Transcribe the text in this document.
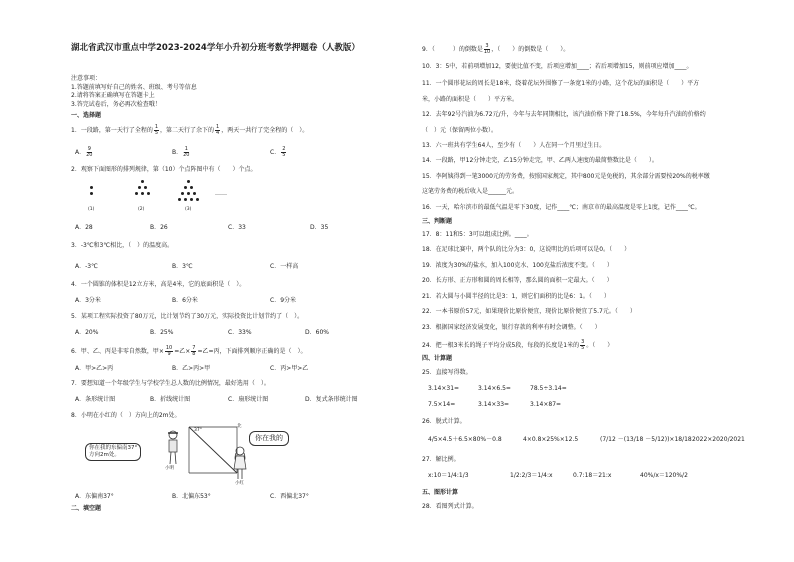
湖北省武汉市重点中学2023-2024学年小升初分班考数学押题卷（人教版）
注意事项：
1.答题前填写好自己的姓名、班级、考号等信息
2.请将答案正确填写在答题卡上
3.答完试卷后，务必再次检查哦！
一、选择题
1．一段路，第一天行了全程的 $\frac{1}{5}$ ，第二天行了余下的 $\frac{1}{4}$ ，两天一共行了完全程的（　）。
A． $\frac{9}{20}$	B． $\frac{1}{20}$	C． $\frac{2}{5}$
2．观察下面图形的排列规律，第（10）个点阵图中有（　　）个点。
(1)	(2)	(3)
……
A．28	B．26	C．33	D．35
3．-3℃和3℃相比，（　）的温度高。
A．-3℃	B．3℃	C．一样高
4．一个圆锥的体积是12立方米，高是4米，它的底面积是（　）。
A．3分米	B．6分米	C．9分米
5．某项工程实际投资了80万元，比计划节约了30万元，实际投资比计划节约了（　）。
A．20%	B．25%	C．33%	D．60%
6．甲、乙、丙是非零自然数，甲× $\frac{10}{9}$ =乙× $\frac{7}{8}$ =乙=丙，下面排列顺序正确的是（　）。
A．甲>乙>丙	B．乙>丙>甲	C．丙>甲>乙
7．要想知道一个年级学生与学校学生总人数的比例情况，最好选用（　）。
A．条形统计图	B．折线统计图	C．扇形统计图	D．复式条形统计图
8．小明在小红的（　）方向上的2m处。
你在我的东偏南37°
方向2m处。
小明
37°
北
小红
你在我的
A．东偏南37°	B．北偏东53°	C．西偏北37°
二、填空题
9．（　　　）的倒数是 $\frac{3}{10}$ ，（　　）的倒数是（　　）。
10．3：5中，若前项增加12，要使比值不变，后项应增加____；若后项增加15，则前项应增加____。
11．一个圆形花坛的周长是18米，绕着花坛外围修了一条宽1米的小路，这个花坛的面积是（　　）平方
米，小路的面积是（　　）平方米。
12．去年92号汽油为6.72元/升，今年与去年同期相比，该汽油价格下降了18.5%，今年每升汽油的价格约
（　）元（保留两位小数）。
13．六一班共有学生64人，至少有（　　）人在同一个月里过生日。
14．一段路，甲12分钟走完，乙15分钟走完，甲、乙两人速度的最简整数比是（　　）。
15．李阿姨得到一笔3000元的劳务费，按照国家规定，其中800元是免税的，其余部分需要按20%的税率缴
这笔劳务费的税后收入是______元。
16．一天，哈尔滨市的最低气温是零下30度，记作____℃；南京市的最高温度是零上1度，记作____℃。
三、判断题
17．8：11和5：3可以组成比例。____。
18．在足球比赛中，两个队的比分为3：0，这说明比的后项可以是0。（　　）
19．浓度为30%的盐水，加入100克水、100克盐后浓度不变。（　　）
20．长方形、正方形和圆的周长相等，那么圆的面积一定最大。（　　）
21．若大圆与小圆半径的比是3：1，则它们面积的比是6：1。（　　）
22．一本书原价57元，如果现价比原价便宜，现价比原价便宜了5.7元。（　　）
23．根据国家经济发展变化，银行存款的利率有时会调整。（　　）
24．把一根3米长的绳子平均分成5段，每段的长度是1米的 $\frac{3}{5}$ 。（　　）
四、计算题
25．直接写得数。
3.14×31=	3.14×6.5=	78.5÷3.14=
7.5×14=	3.14×33=	3.14×87=
26．脱式计算。
4/5×4.5＋6.5×80%－0.8	4×0.8×25%×12.5	(7/12 －(13/18 －5/12))×18/18 2022×2020/2021
27．解比例。
x:10＝1/4:1/3	1/2:2/3＝1/4:x	0.7:18＝21:x	40%/x＝120%/2
五、图形计算
28．看图列式计算。
